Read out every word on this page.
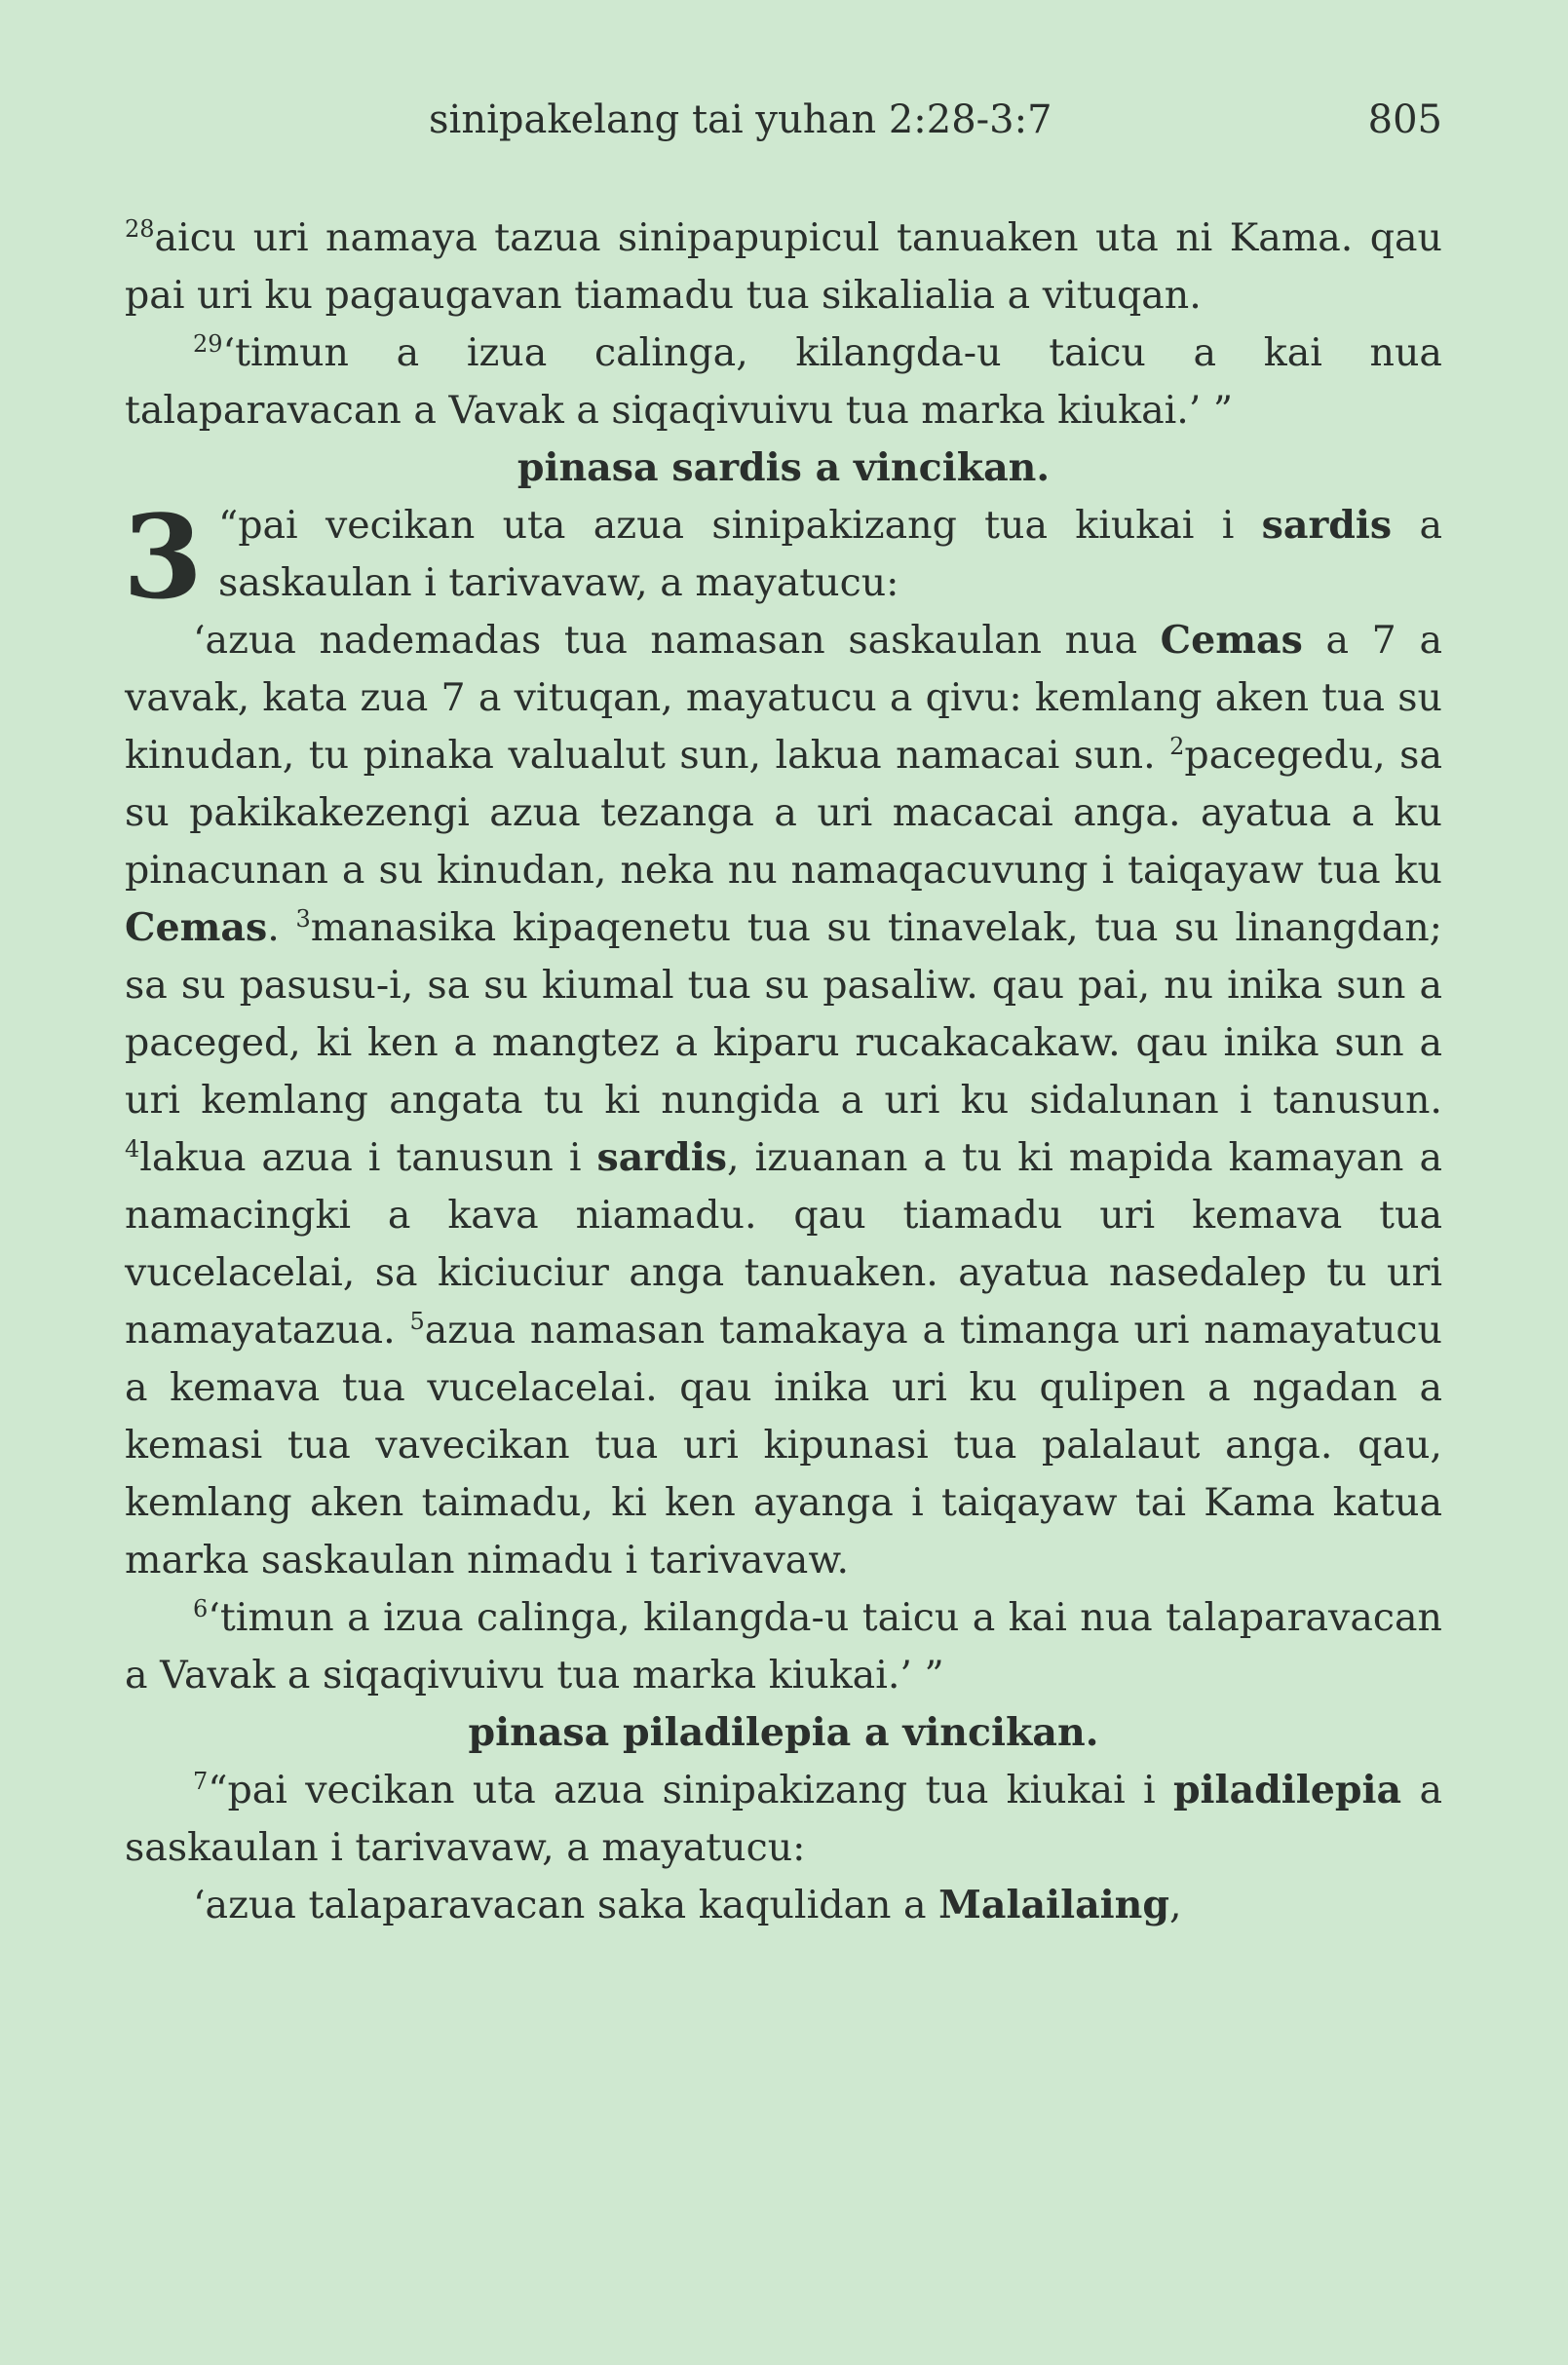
sinipakelang tai yuhan 2:28-3:7	805

$^{28}$aicu uri namaya tazua sinipapupicul tanuaken uta ni Kama. qau pai uri ku pagaugavan tiamadu tua sikalialia a vituqan.

$^{29}$‘timun a izua calinga, kilangda-u taicu a kai nua talaparavacan a Vavak a siqaqivuivu tua marka kiukai.’ ”

pinasa sardis a vincikan.

3 “pai vecikan uta azua sinipakizang tua kiukai i sardis a saskaulan i tarivavaw, a mayatucu:

‘azua nademadas tua namasan saskaulan nua Cemas a 7 a vavak, kata zua 7 a vituqan, mayatucu a qivu: kemlang aken tua su kinudan, tu pinaka valualut sun, lakua namacai sun. $^2$pacegedu, sa su pakikakezengi azua tezanga a uri macacai anga. ayatua a ku pinacunan a su kinudan, neka nu namaqacuvung i taiqayaw tua ku Cemas. $^3$manasika kipaqenetu tua su tinavelak, tua su linangdan; sa su pasusu-i, sa su kiumal tua su pasaliw. qau pai, nu inika sun a paceged, ki ken a mangtez a kiparu rucakacakaw. qau inika sun a uri kemlang angata tu ki nungida a uri ku sidalunan i tanusun. $^4$lakua azua i tanusun i sardis, izuanan a tu ki mapida kamayan a namacingki a kava niamadu. qau tiamadu uri kemava tua vucelacelai, sa kiciuciur anga tanuaken. ayatua nasedalep tu uri namayatazua. $^5$azua namasan tamakaya a timanga uri namayatucu a kemava tua vucelacelai. qau inika uri ku qulipen a ngadan a kemasi tua vavecikan tua uri kipunasi tua palalaut anga. qau, kemlang aken taimadu, ki ken ayanga i taiqayaw tai Kama katua marka saskaulan nimadu i tarivavaw.

$^6$‘timun a izua calinga, kilangda-u taicu a kai nua talaparavacan a Vavak a siqaqivuivu tua marka kiukai.’ ”

pinasa piladilepia a vincikan.

$^7$“pai vecikan uta azua sinipakizang tua kiukai i piladilepia a saskaulan i tarivavaw, a mayatucu:

‘azua talaparavacan saka kaqulidan a Malailaing,
